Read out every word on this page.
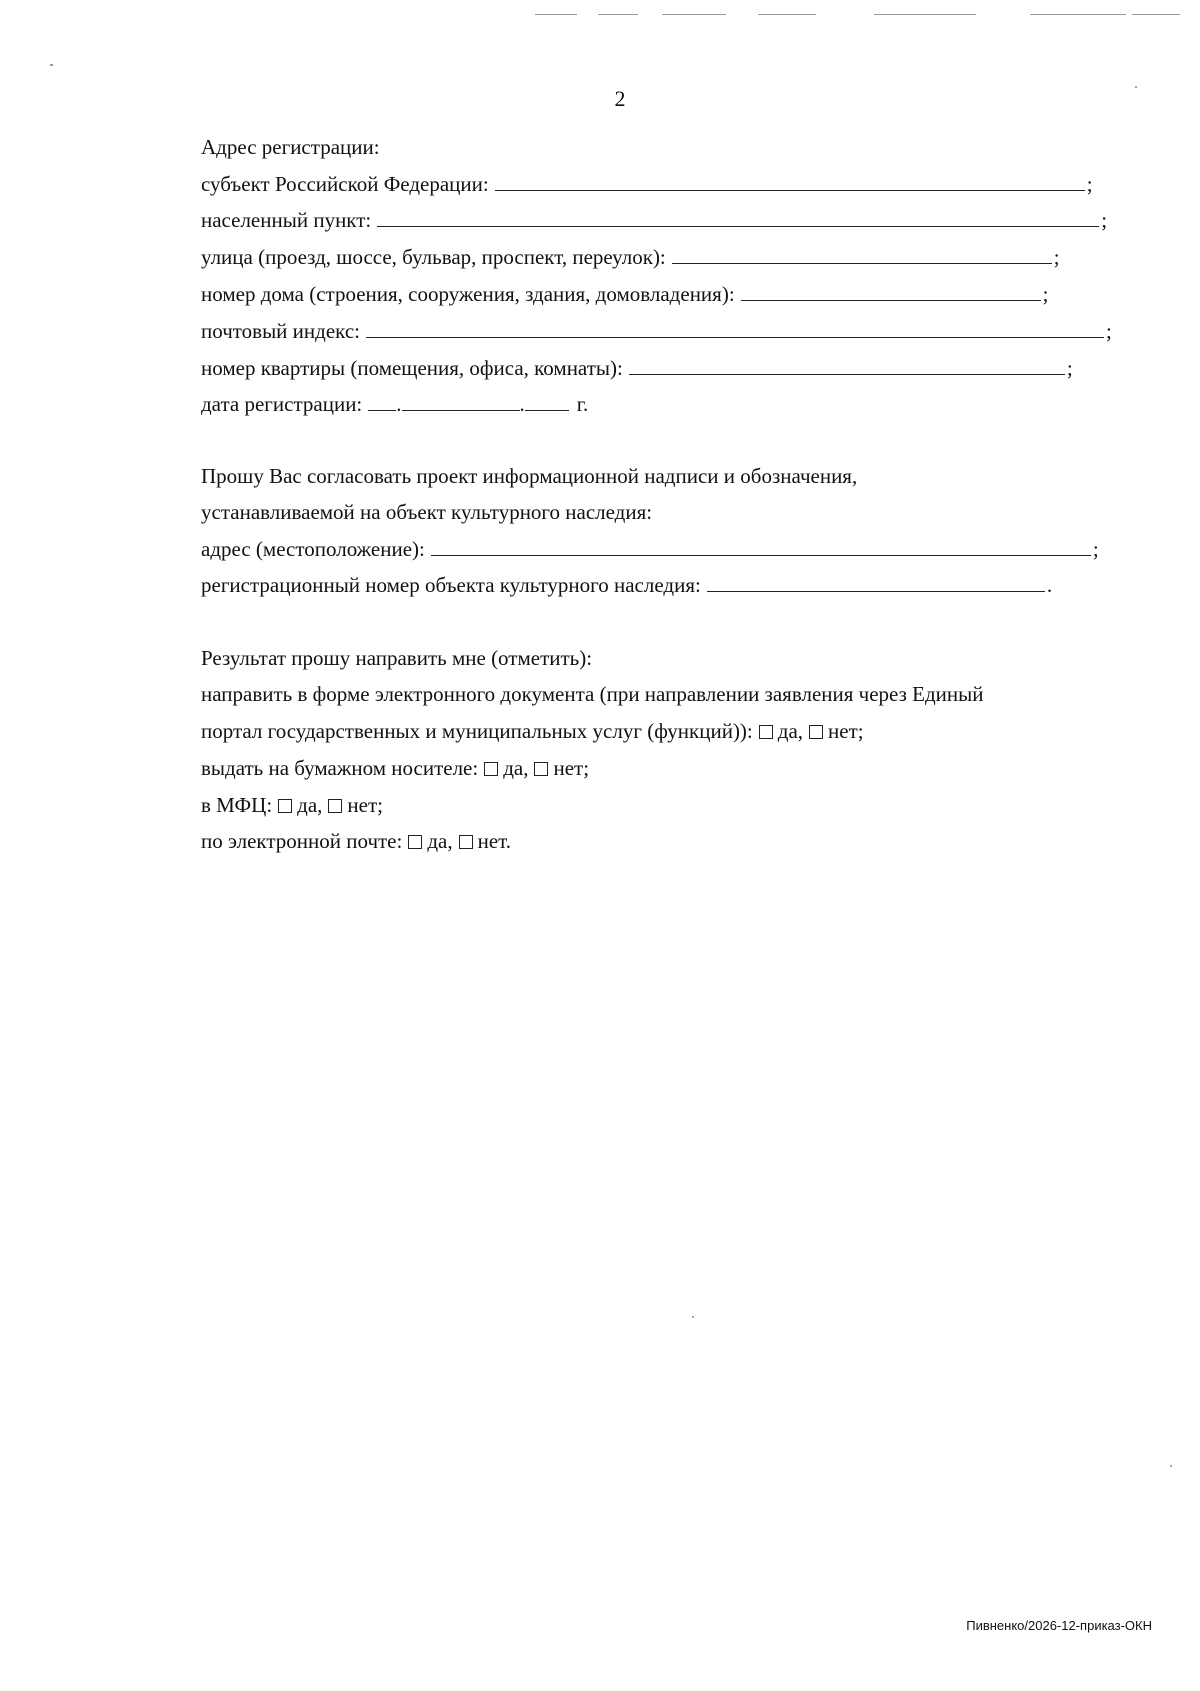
2
Адрес регистрации:
субъект Российской Федерации:	;
населенный пункт:	;
улица (проезд, шоссе, бульвар, проспект, переулок):	;
номер дома (строения, сооружения, здания, домовладения):	;
почтовый индекс:	;
номер квартиры (помещения, офиса, комнаты):	;
дата регистрации: .	. г.
Прошу Вас согласовать проект информационной надписи и обозначения,
устанавливаемой на объект культурного наследия:
адрес (местоположение):	;
регистрационный номер объекта культурного наследия:	.
Результат прошу направить мне (отметить):
направить в форме электронного документа (при направлении заявления через Единый
портал государственных и муниципальных услуг (функций)): да, нет;
выдать на бумажном носителе: да, нет;
в МФЦ: да, нет;
по электронной почте: да, нет.
Пивненко/2026-12-приказ-ОКН
